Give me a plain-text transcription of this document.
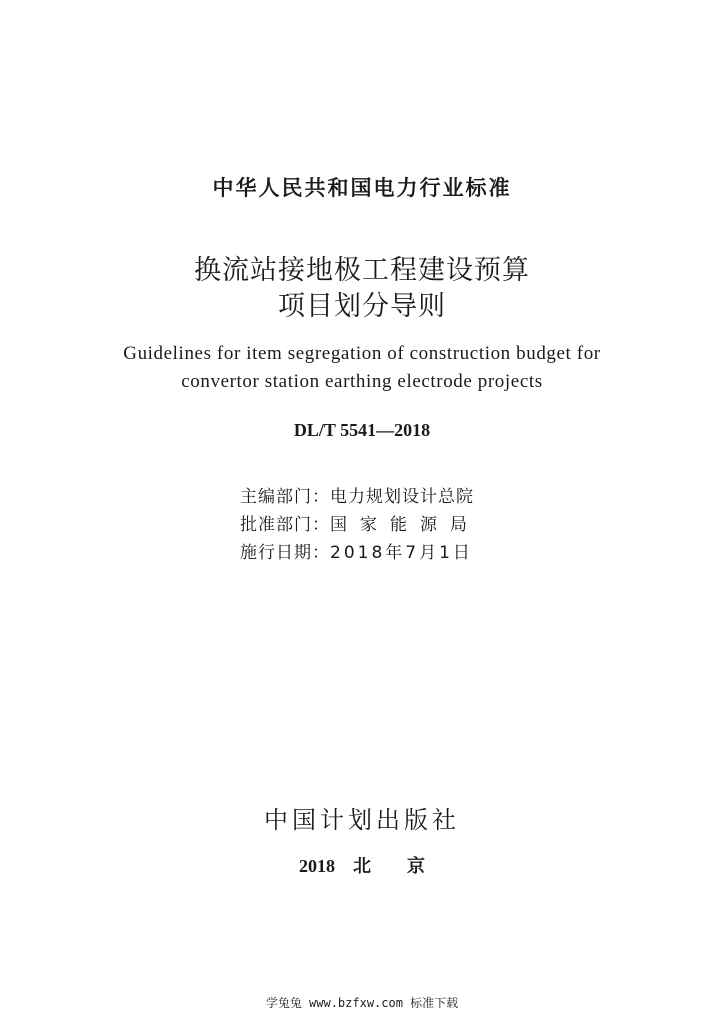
中华人民共和国电力行业标准
换流站接地极工程建设预算
项目划分导则
Guidelines for item segregation of construction budget for
convertor station earthing electrode projects
DL/T 5541—2018
主编部门：电力规划设计总院
批准部门：国家能源局
施行日期：2018年7月1日
中国计划出版社
2018 北 京
学兔兔 www.bzfxw.com 标准下载
